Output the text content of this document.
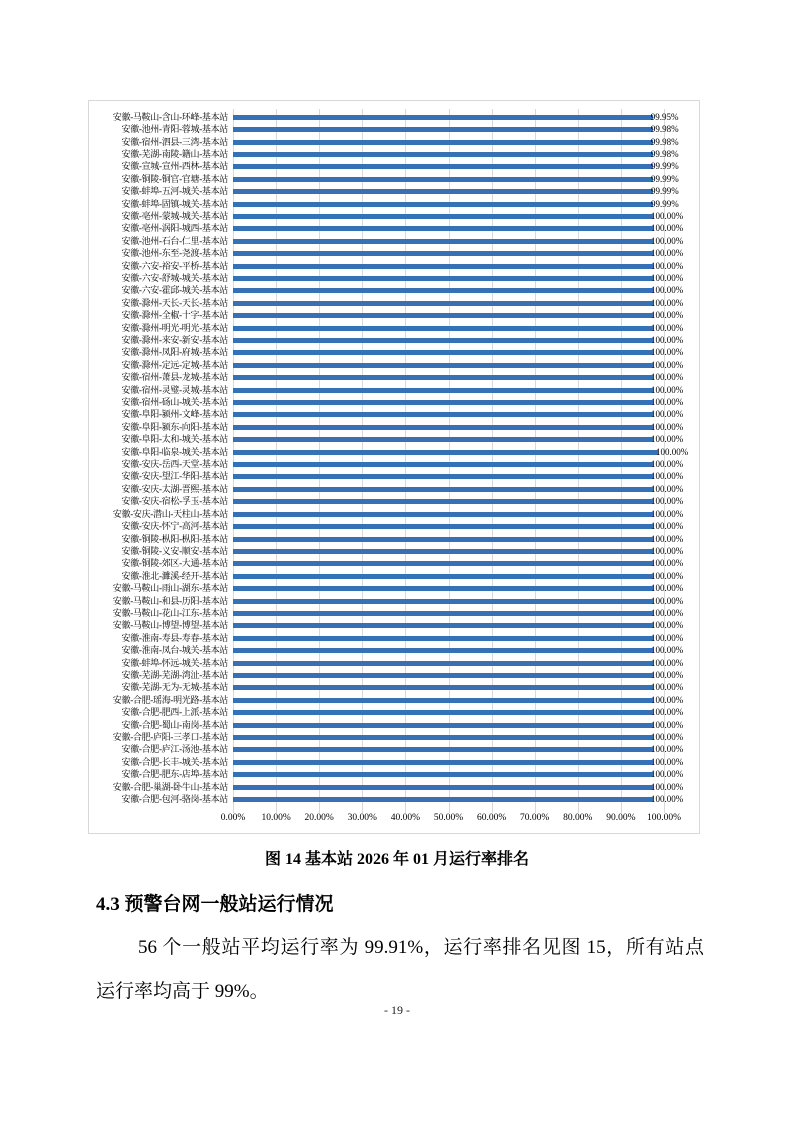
安徽-马鞍山-含山-环峰-基本站	99.95%
安徽-池州-青阳-蓉城-基本站	99.98%
安徽-宿州-泗县-三湾-基本站	99.98%
安徽-芜湖-南陵-籍山-基本站	99.98%
安徽-宣城-宣州-西林-基本站	99.99%
安徽-铜陵-铜官-官塘-基本站	99.99%
安徽-蚌埠-五河-城关-基本站	99.99%
安徽-蚌埠-固镇-城关-基本站	99.99%
安徽-亳州-蒙城-城关-基本站	100.00%
安徽-亳州-涡阳-城西-基本站	100.00%
安徽-池州-石台-仁里-基本站	100.00%
安徽-池州-东至-尧渡-基本站	100.00%
安徽-六安-裕安-平桥-基本站	100.00%
安徽-六安-舒城-城关-基本站	100.00%
安徽-六安-霍邱-城关-基本站	100.00%
安徽-滁州-天长-天长-基本站	100.00%
安徽-滁州-全椒-十字-基本站	100.00%
安徽-滁州-明光-明光-基本站	100.00%
安徽-滁州-来安-新安-基本站	100.00%
安徽-滁州-凤阳-府城-基本站	100.00%
安徽-滁州-定远-定城-基本站	100.00%
安徽-宿州-萧县-龙城-基本站	100.00%
安徽-宿州-灵璧-灵城-基本站	100.00%
安徽-宿州-砀山-城关-基本站	100.00%
安徽-阜阳-颍州-文峰-基本站	100.00%
安徽-阜阳-颍东-向阳-基本站	100.00%
安徽-阜阳-太和-城关-基本站	100.00%
安徽-阜阳-临泉-城关-基本站	100.00%
安徽-安庆-岳西-天堂-基本站	100.00%
安徽-安庆-望江-华阳-基本站	100.00%
安徽-安庆-太湖-晋熙-基本站	100.00%
安徽-安庆-宿松-孚玉-基本站	100.00%
安徽-安庆-潜山-天柱山-基本站	100.00%
安徽-安庆-怀宁-高河-基本站	100.00%
安徽-铜陵-枞阳-枞阳-基本站	100.00%
安徽-铜陵-义安-顺安-基本站	100.00%
安徽-铜陵-郊区-大通-基本站	100.00%
安徽-淮北-濉溪-经开-基本站	100.00%
安徽-马鞍山-雨山-湖东-基本站	100.00%
安徽-马鞍山-和县-历阳-基本站	100.00%
安徽-马鞍山-花山-江东-基本站	100.00%
安徽-马鞍山-博望-博望-基本站	100.00%
安徽-淮南-寿县-寿春-基本站	100.00%
安徽-淮南-凤台-城关-基本站	100.00%
安徽-蚌埠-怀远-城关-基本站	100.00%
安徽-芜湖-芜湖-湾沚-基本站	100.00%
安徽-芜湖-无为-无城-基本站	100.00%
安徽-合肥-瑶海-明光路-基本站	100.00%
安徽-合肥-肥西-上派-基本站	100.00%
安徽-合肥-蜀山-南岗-基本站	100.00%
安徽-合肥-庐阳-三孝口-基本站	100.00%
安徽-合肥-庐江-汤池-基本站	100.00%
安徽-合肥-长丰-城关-基本站	100.00%
安徽-合肥-肥东-店埠-基本站	100.00%
安徽-合肥-巢湖-卧牛山-基本站	100.00%
安徽-合肥-包河-骆岗-基本站	100.00%
0.00%	10.00%	20.00%	30.00%	40.00%	50.00%	60.00%	70.00%	80.00%	90.00%	100.00%
图 14 基本站 2026 年 01 月运行率排名
4.3 预警台网一般站运行情况
56 个一般站平均运行率为 99.91%，运行率排名见图 15，所有站点运行率均高于 99%。
- 19 -
